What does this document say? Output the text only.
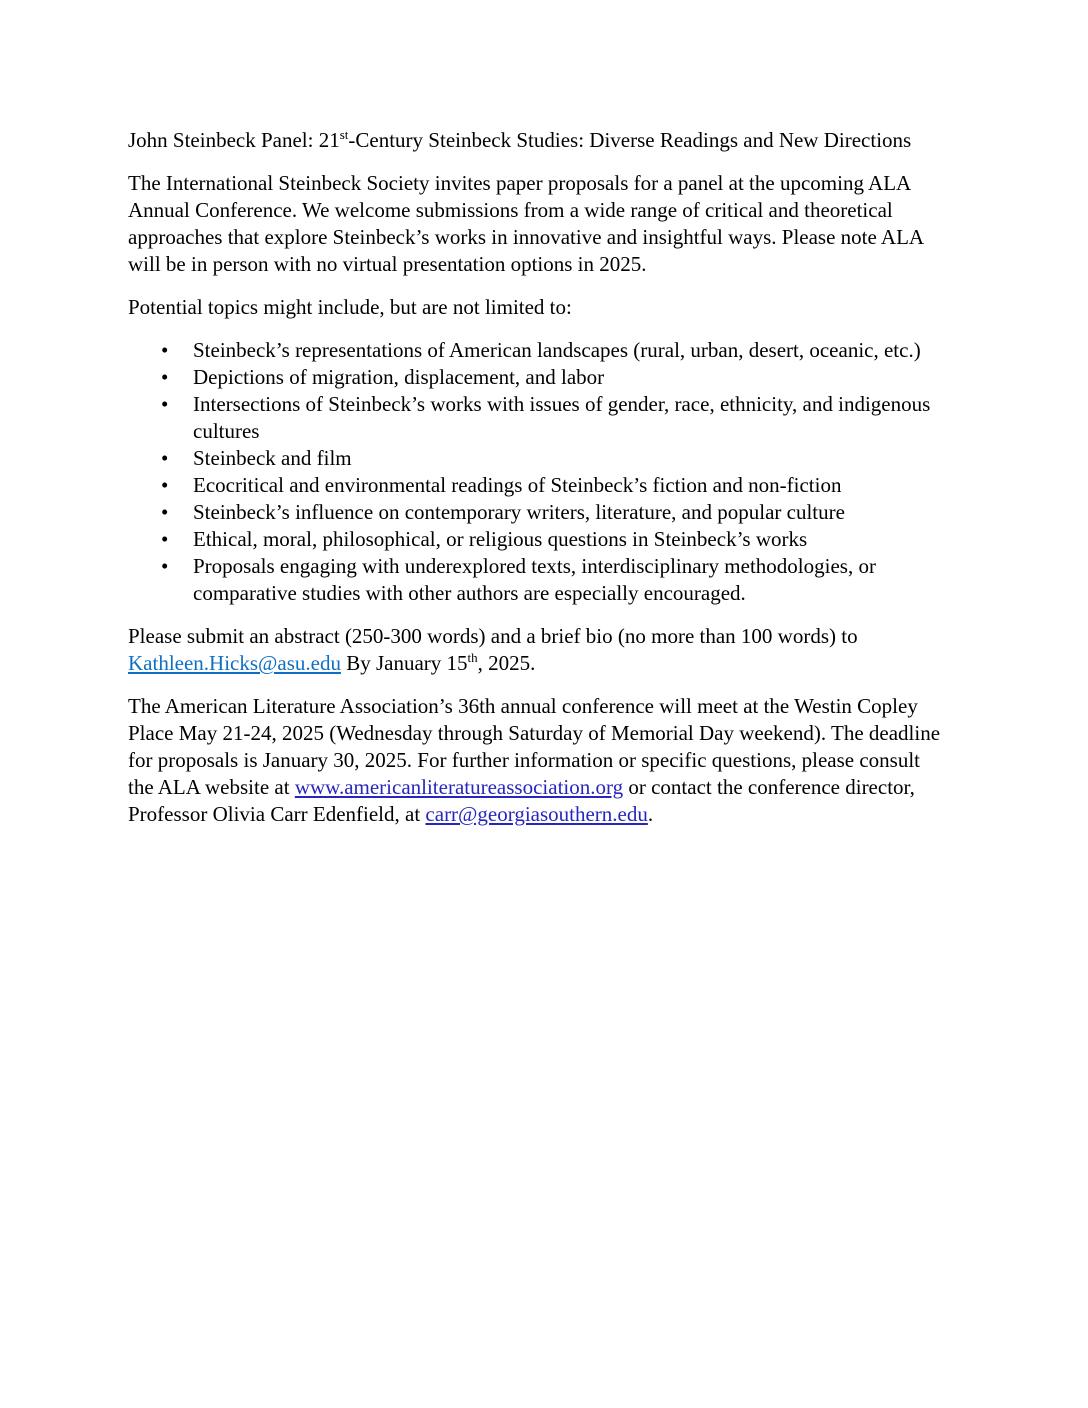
John Steinbeck Panel: 21st-Century Steinbeck Studies: Diverse Readings and New Directions

The International Steinbeck Society invites paper proposals for a panel at the upcoming ALA Annual Conference. We welcome submissions from a wide range of critical and theoretical approaches that explore Steinbeck’s works in innovative and insightful ways. Please note ALA will be in person with no virtual presentation options in 2025.

Potential topics might include, but are not limited to:

• Steinbeck’s representations of American landscapes (rural, urban, desert, oceanic, etc.)
• Depictions of migration, displacement, and labor
• Intersections of Steinbeck’s works with issues of gender, race, ethnicity, and indigenous cultures
• Steinbeck and film
• Ecocritical and environmental readings of Steinbeck’s fiction and non-fiction
• Steinbeck’s influence on contemporary writers, literature, and popular culture
• Ethical, moral, philosophical, or religious questions in Steinbeck’s works
• Proposals engaging with underexplored texts, interdisciplinary methodologies, or comparative studies with other authors are especially encouraged.

Please submit an abstract (250-300 words) and a brief bio (no more than 100 words) to Kathleen.Hicks@asu.edu By January 15th, 2025.

The American Literature Association’s 36th annual conference will meet at the Westin Copley Place May 21-24, 2025 (Wednesday through Saturday of Memorial Day weekend). The deadline for proposals is January 30, 2025. For further information or specific questions, please consult the ALA website at www.americanliteratureassociation.org or contact the conference director, Professor Olivia Carr Edenfield, at carr@georgiasouthern.edu.
